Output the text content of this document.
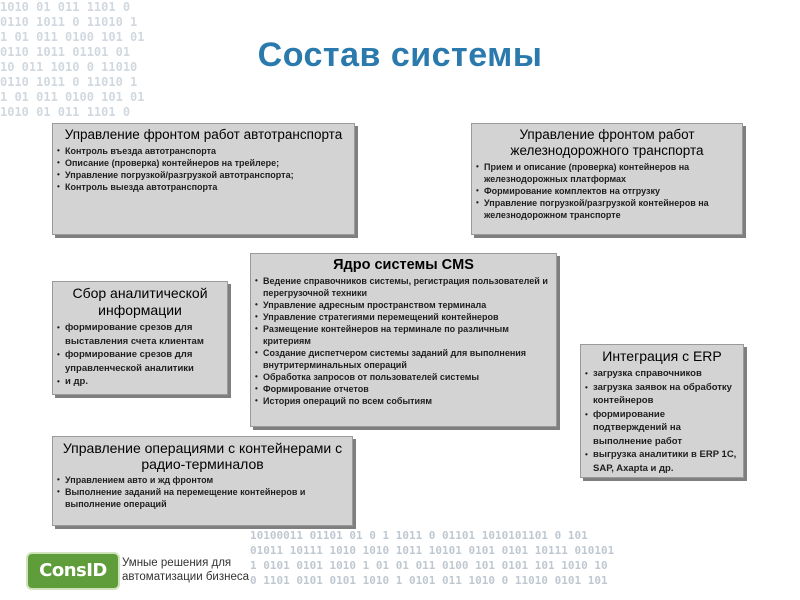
1010 01 011 1101 0
0110 1011 0 11010 1
1 01 011 0100 101 01
0110 1011 01101 01
10 011 1010 0 11010
0110 1011 0 11010 1
1 01 011 0100 101 01
1010 01 011 1101 0
10100011 01101 01 0 1 1011 0 01101 1010101101 0 101
01011 10111 1010 1010 1011 10101 0101 0101 10111 010101
1 0101 0101 1010 1 01 01 011 0100 101 0101 101 1010 10
0 1101 0101 0101 1010 1 0101 011 1010 0 11010 0101 101
Состав системы
Управление фронтом работ автотранспорта
• Контроль въезда автотранспорта
• Описание (проверка) контейнеров на трейлере;
• Управление погрузкой/разгрузкой автотранспорта;
• Контроль выезда автотранспорта
Управление фронтом работ железнодорожного транспорта
• Прием и описание (проверка) контейнеров на железнодорожных платформах
• Формирование комплектов на отгрузку
• Управление погрузкой/разгрузкой контейнеров на железнодорожном транспорте
Сбор аналитической информации
• формирование срезов для выставления счета клиентам
• формирование срезов для управленческой аналитики
• и др.
Ядро системы CMS
• Ведение справочников системы, регистрация пользователей и перегрузочной техники
• Управление адресным пространством терминала
• Управление стратегиями перемещений контейнеров
• Размещение контейнеров на терминале по различным критериям
• Создание диспетчером системы заданий для выполнения внутритерминальных операций
• Обработка запросов от пользователей системы
• Формирование отчетов
• История операций по всем событиям
Интеграция с ERP
• загрузка справочников
• загрузка заявок на обработку контейнеров
• формирование подтверждений на выполнение работ
• выгрузка аналитики в ERP 1C, SAP, Axapta и др.
Управление операциями с контейнерами с радио-терминалов
• Управлением авто и жд фронтом
• Выполнение заданий на перемещение контейнеров и выполнение операций
ConsID	Умные решения для
автоматизации бизнеса
